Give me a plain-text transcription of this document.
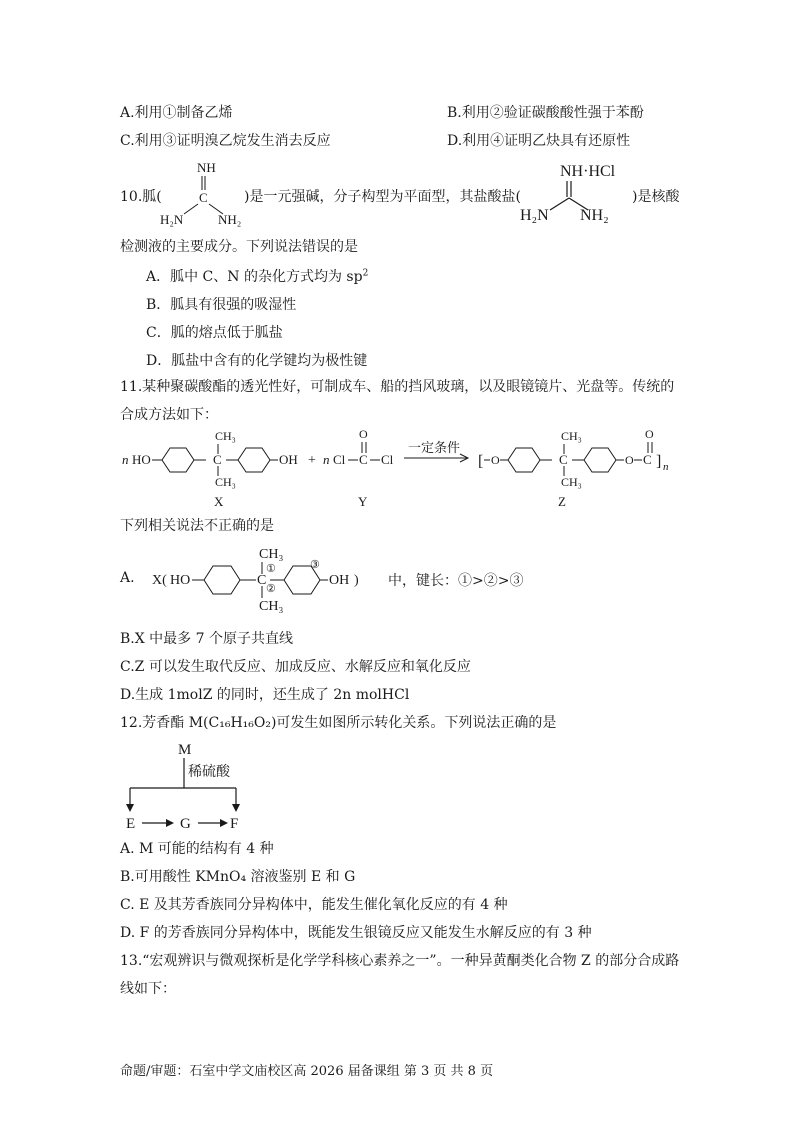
A.利用①制备乙烯	B.利用②验证碳酸酸性强于苯酚
C.利用③证明溴乙烷发生消去反应	D.利用④证明乙炔具有还原性
10.胍(
NH
C
H₂N	NH₂
)是一元强碱，分子构型为平面型，其盐酸盐(
NH·HCl
H₂N NH₂
)是核酸
检测液的主要成分。下列说法错误的是
A．胍中 C、N 的杂化方式均为 $sp^2$
B．胍具有很强的吸湿性
C．胍的熔点低于胍盐
D．胍盐中含有的化学键均为极性键
11.某种聚碳酸酯的透光性好，可制成车、船的挡风玻璃，以及眼镜镜片、光盘等。传统的
合成方法如下：
n HO
CH₃
C
CH₃
OH + n Cl C
O
Cl
一定条件
[ O
CH₃
C
CH₃
O C
O
] n
X	Y	Z
下列相关说法不正确的是
A. X( HO
CH₃
①
C
②
CH₃
③
OH ) 中，键长：①>②>③
B.X 中最多 7 个原子共直线
C.Z 可以发生取代反应、加成反应、水解反应和氧化反应
D.生成 1molZ 的同时，还生成了 2n molHCl
12.芳香酯 M(C₁₆H₁₆O₂)可发生如图所示转化关系。下列说法正确的是
M
稀硫酸
E	G	F
A. M 可能的结构有 4 种
B.可用酸性 KMnO₄ 溶液鉴别 E 和 G
C. E 及其芳香族同分异构体中，能发生催化氧化反应的有 4 种
D. F 的芳香族同分异构体中，既能发生银镜反应又能发生水解反应的有 3 种
13.“宏观辨识与微观探析是化学学科核心素养之一”。一种异黄酮类化合物 Z 的部分合成路
线如下：
命题/审题：石室中学文庙校区高 2026 届备课组 第 3 页 共 8 页
